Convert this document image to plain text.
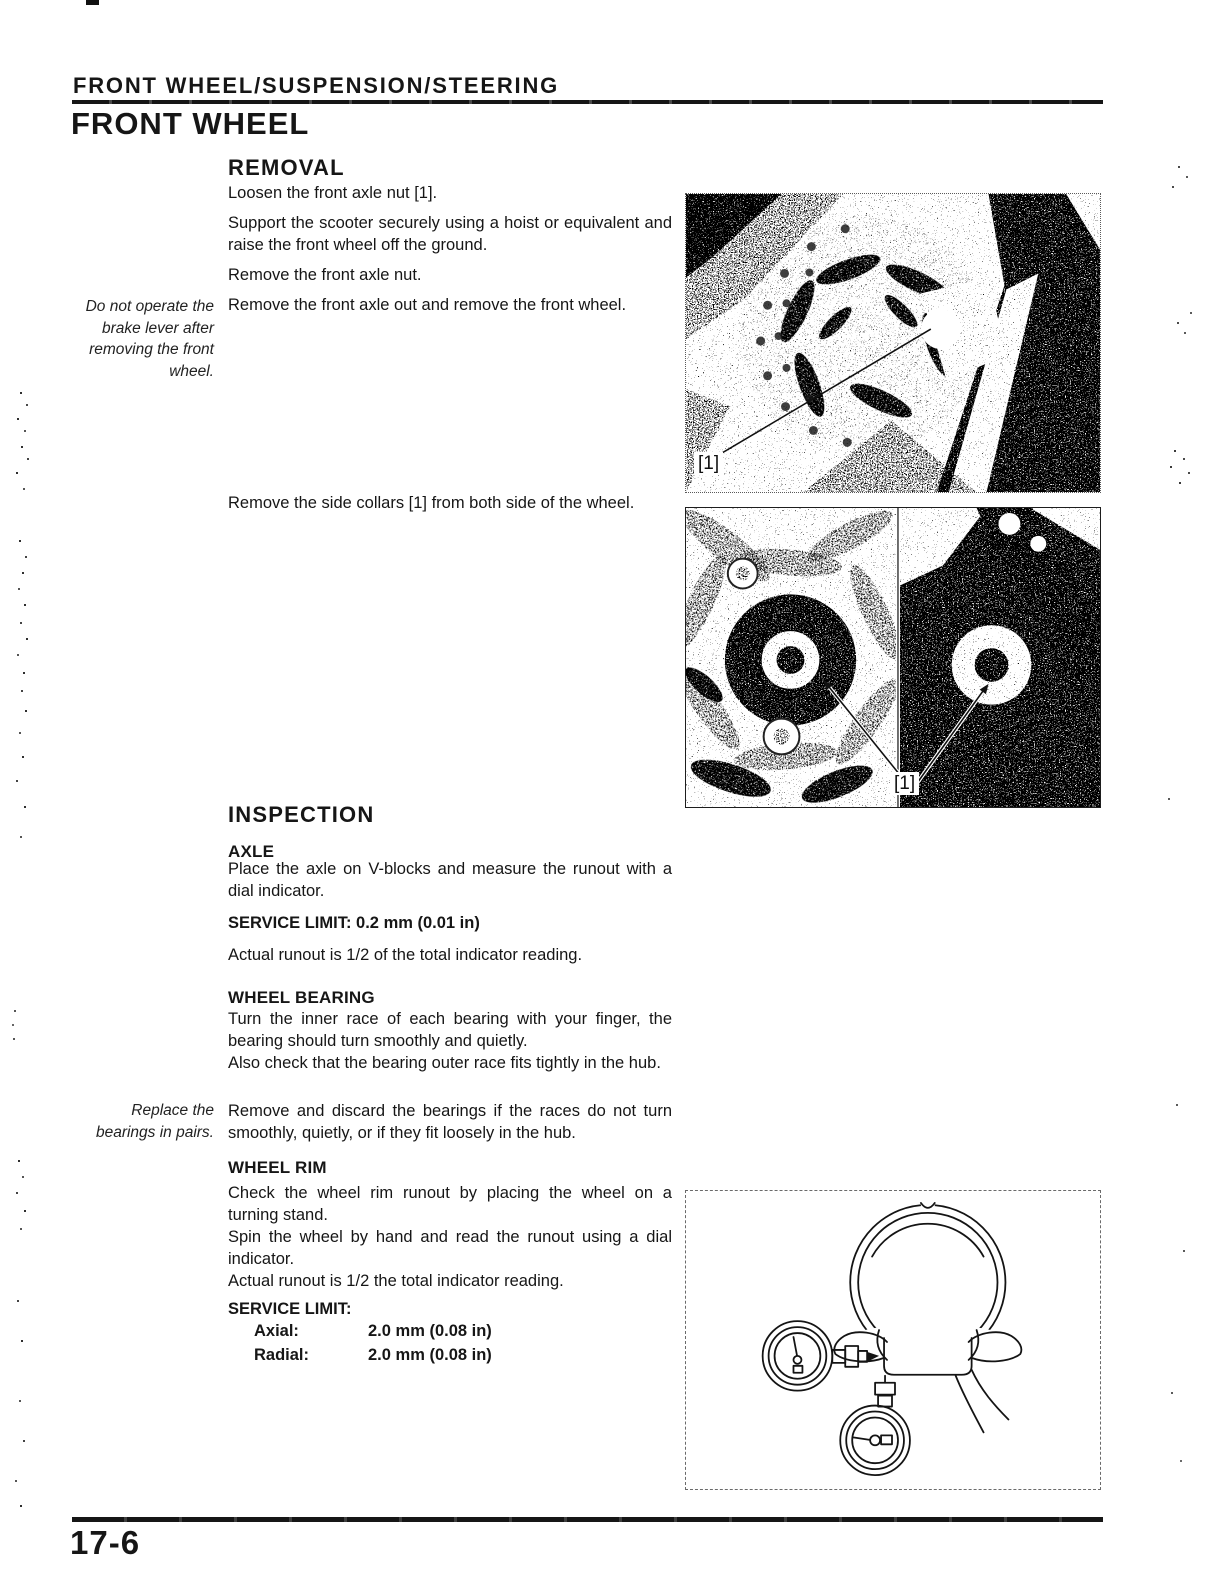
FRONT WHEEL/SUSPENSION/STEERING
FRONT WHEEL
REMOVAL

Loosen the front axle nut [1].

Support the scooter securely using a hoist or equivalent and raise the front wheel off the ground.

Remove the front axle nut.

Remove the front axle out and remove the front wheel.

Do not operate the brake lever after removing the front wheel.

Remove the side collars [1] from both side of the wheel.

[1]
[1]
INSPECTION
AXLE

Place the axle on V-blocks and measure the runout with a dial indicator.

SERVICE LIMIT: 0.2 mm (0.01 in)

Actual runout is 1/2 of the total indicator reading.

WHEEL BEARING

Turn the inner race of each bearing with your finger, the bearing should turn smoothly and quietly.

Also check that the bearing outer race fits tightly in the hub.

Replace the bearings in pairs.

Remove and discard the bearings if the races do not turn smoothly, quietly, or if they fit loosely in the hub.

WHEEL RIM

Check the wheel rim runout by placing the wheel on a turning stand.

Spin the wheel by hand and read the runout using a dial indicator.

Actual runout is 1/2 the total indicator reading.

SERVICE LIMIT:

Axial:	2.0 mm (0.08 in)
Radial:	2.0 mm (0.08 in)
17-6
